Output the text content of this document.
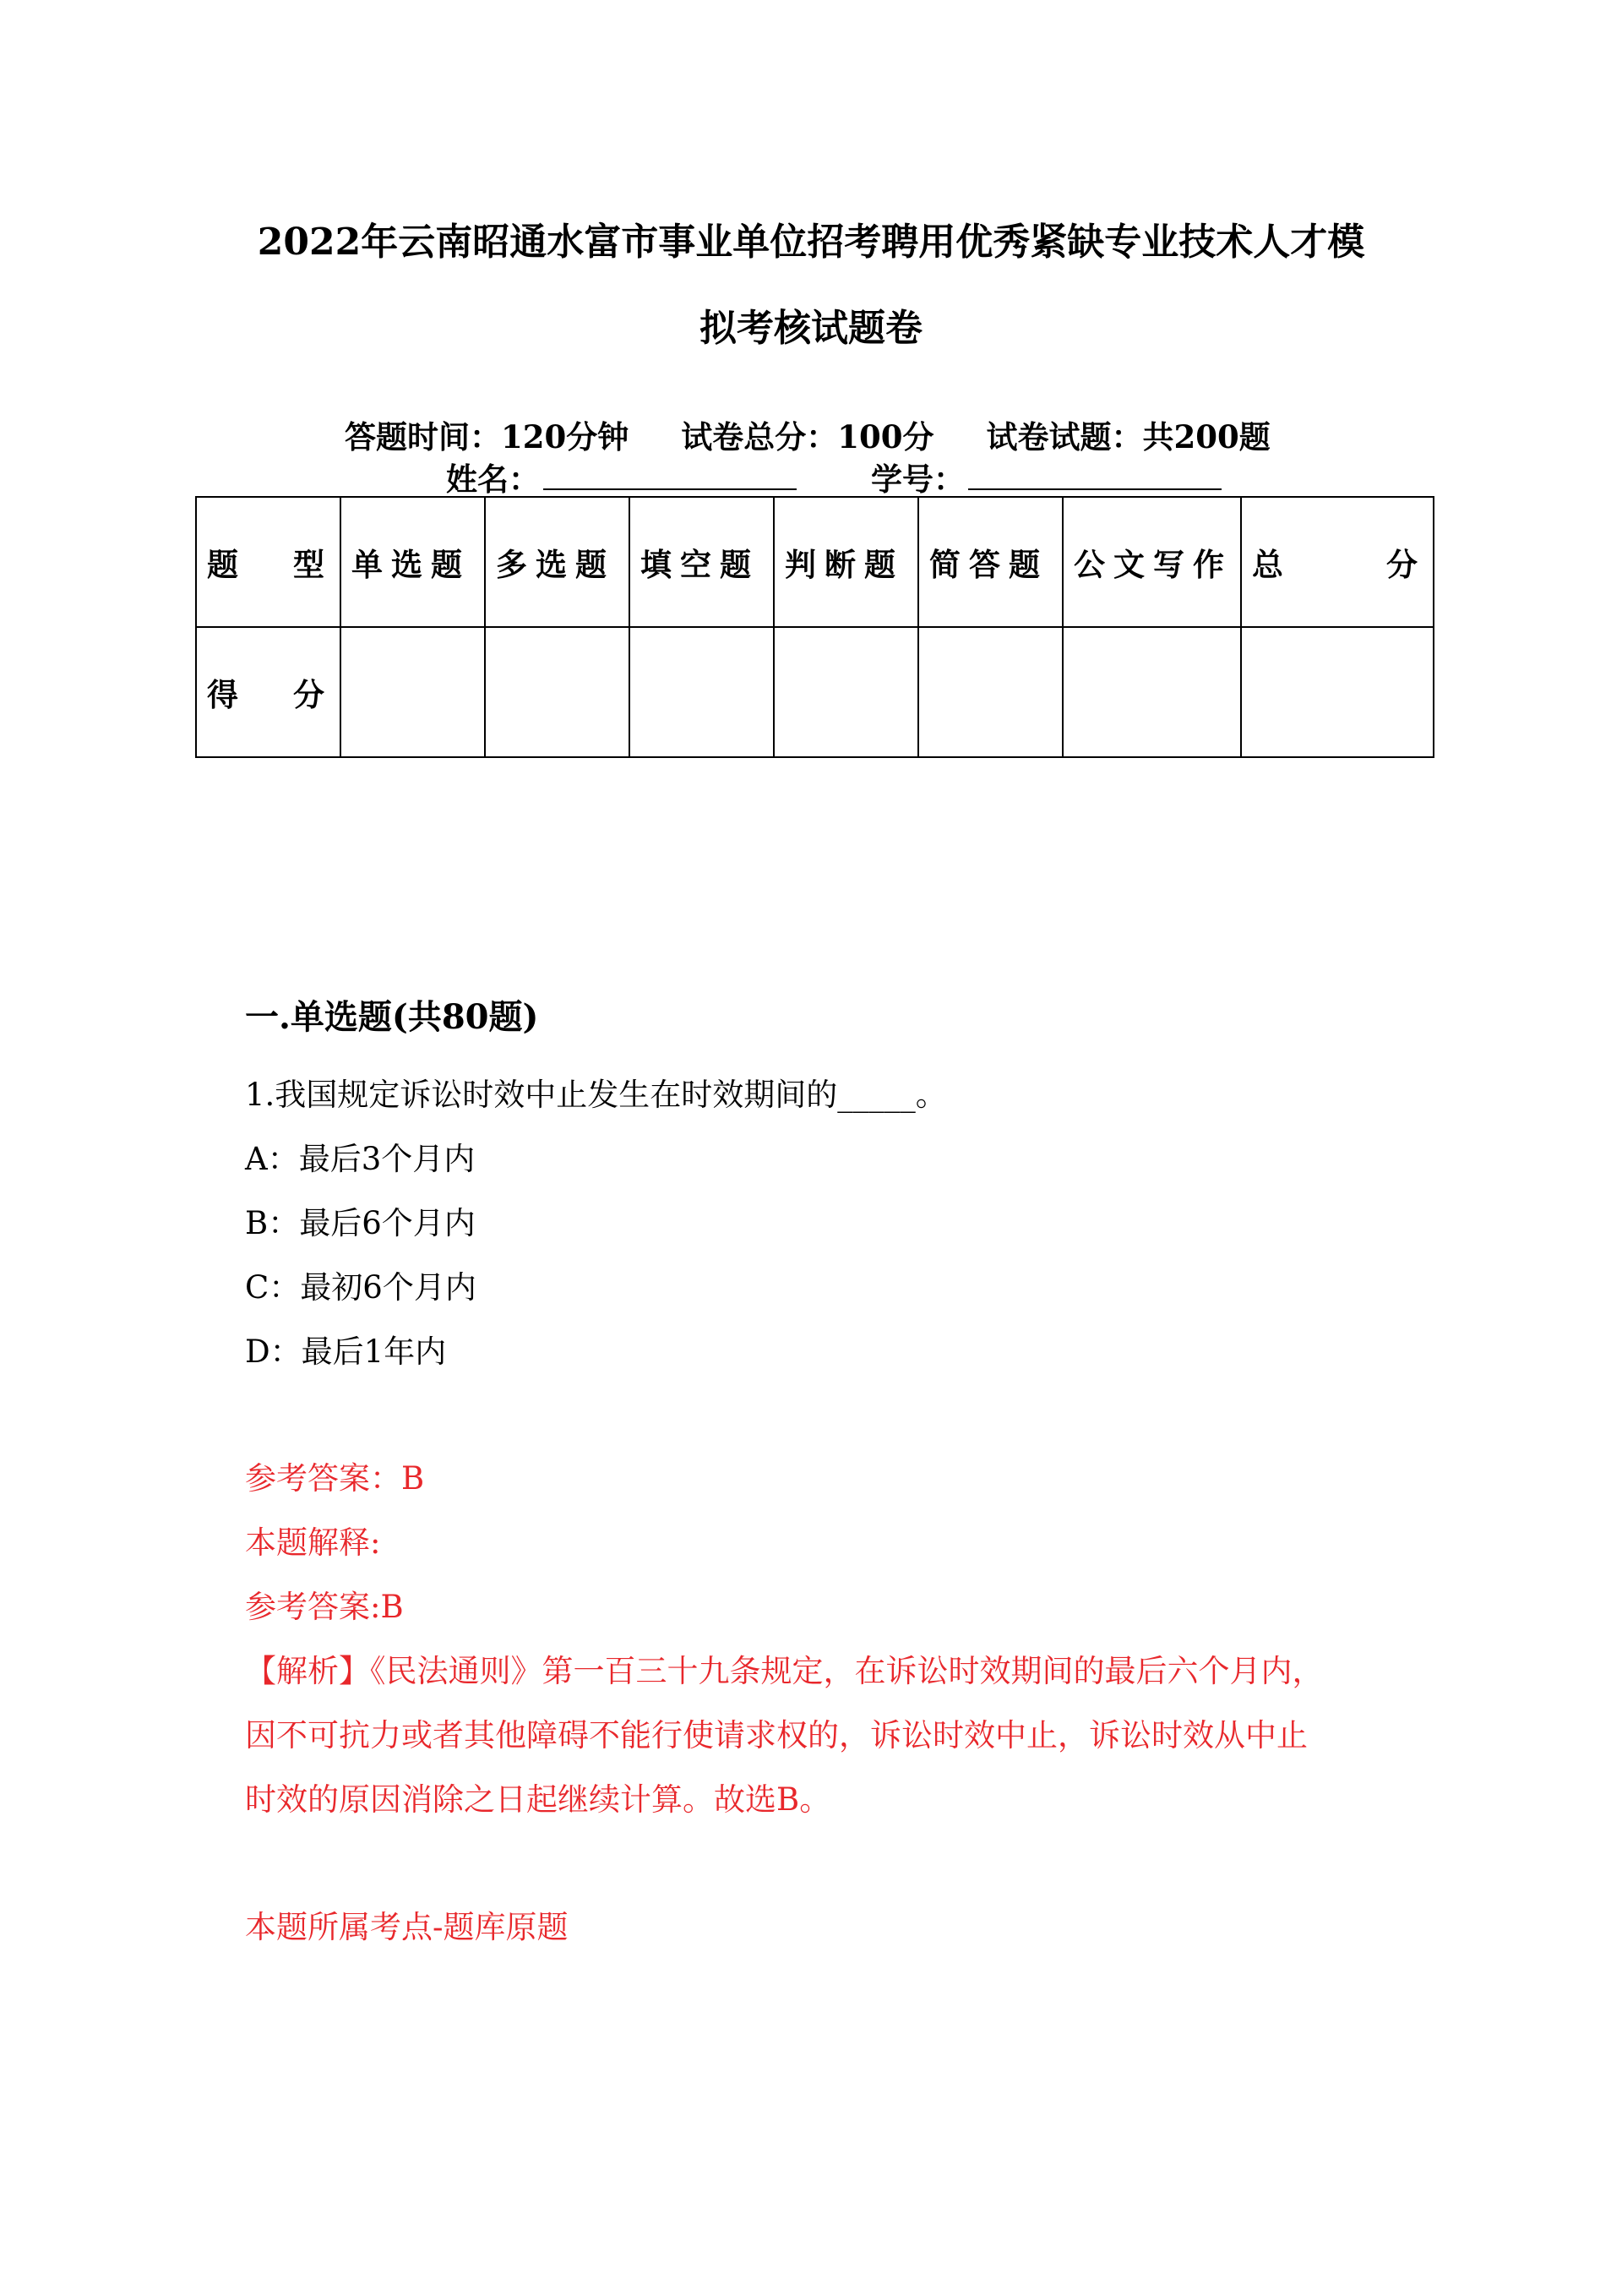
2022年云南昭通水富市事业单位招考聘用优秀紧缺专业技术人才模
拟考核试题卷
答题时间：120分钟 试卷总分：100分 试卷试题：共200题
姓名：	学号：
题 型	单选题	多选题	填空题	判断题	简答题	公文写作	总 分

得 分							

一.单选题(共80题)
1.我国规定诉讼时效中止发生在时效期间的_____。
A：最后3个月内
B：最后6个月内
C：最初6个月内
D：最后1年内
参考答案：B
本题解释:
参考答案:B
【解析】《民法通则》第一百三十九条规定，在诉讼时效期间的最后六个月内，
因不可抗力或者其他障碍不能行使请求权的，诉讼时效中止，诉讼时效从中止
时效的原因消除之日起继续计算。故选B。
本题所属考点-题库原题
